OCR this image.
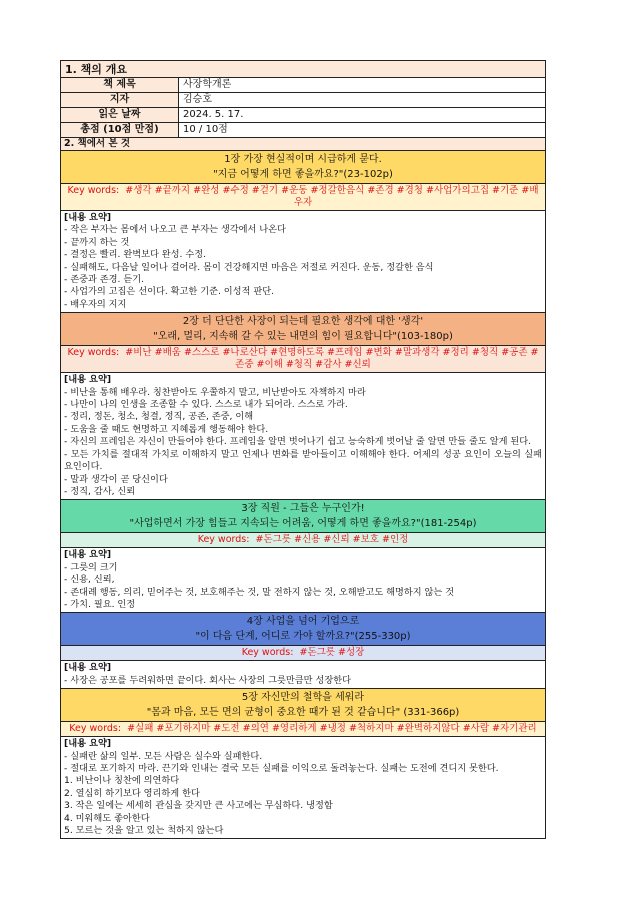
1. 책의 개요
책 제목	사장학개론
지자	김승호
읽은 날짜	2024. 5. 17.
총점 (10점 만점)	10 / 10점
2. 책에서 본 것
1장 가장 현실적이며 시급하게 묻다.
"지금 어떻게 하면 좋을까요?"(23-102p)
Key words: #생각 #끝까지 #완성 #수정 #걷기 #운동 #정갈한음식 #존경 #경청 #사업가의고집 #기준 #배우자
[내용 요약]
- 작은 부자는 몸에서 나오고 큰 부자는 생각에서 나온다
- 끝까지 하는 것
- 결정은 빨리. 완벽보다 완성. 수정.
- 실패해도, 다음날 일어나 걸어라. 몸이 건강해지면 마음은 저절로 커진다. 운동, 정갈한 음식
- 존중과 존경. 듣기.
- 사업가의 고집은 선이다. 확고한 기준. 이성적 판단.
- 배우자의 지지
2장 더 단단한 사장이 되는데 필요한 생각에 대한 '생각'
"오래, 멀리, 지속해 갈 수 있는 내면의 힘이 필요합니다"(103-180p)
Key words: #비난 #배움 #스스로 #나로산다 #현명하도록 #프레임 #변화 #말과생각 #정리 #청직 #공존 #존중 #이해 #청직 #감사 #신뢰
[내용 요약]
- 비난을 통해 배우라. 칭찬받아도 우쭐하지 말고, 비난받아도 자책하지 마라
- 나만이 나의 인생을 조종할 수 있다. 스스로 내가 되어라. 스스로 가라.
- 정리, 정돈, 청소, 청결, 정직, 공존, 존중, 이해
- 도움을 줄 때도 현명하고 지혜롭게 행동해야 한다.
- 자신의 프레임은 자신이 만들어야 한다. 프레임을 알면 벗어나기 쉽고 능숙하게 벗어날 줄 알면 만들 줄도 알게 된다.
- 모든 가치를 절대적 가치로 이해하지 말고 언제나 변화를 받아들이고 이해해야 한다. 어제의 성공 요인이 오늘의 실패 요인이다.
- 말과 생각이 곧 당신이다
- 정직, 감사, 신뢰
3장 직원 - 그들은 누구인가!
"사업하면서 가장 힘들고 지속되는 어려움, 어떻게 하면 좋을까요?"(181-254p)
Key words: #돈그릇 #신용 #신뢰 #보호 #인정
[내용 요약]
- 그릇의 크기
- 신용, 신뢰,
- 존대례 행동, 의리, 믿어주는 것, 보호해주는 것, 말 전하지 않는 것, 오해받고도 해명하지 않는 것
- 가치. 필요. 인정
4장 사업을 넘어 기업으로
"이 다음 단계, 어디로 가야 할까요?"(255-330p)
Key words: #돈그릇 #성장
[내용 요약]
- 사장은 공포를 두려워하면 끝이다. 회사는 사장의 그릇만큼만 성장한다
5장 자신만의 철학을 세워라
"몸과 마음, 모든 면의 균형이 중요한 때가 된 것 같습니다" (331-366p)
Key words: #실패 #포기하지마 #도전 #의연 #영리하게 #냉정 #척하지마 #완벽하지않다 #사람 #자기관리
[내용 요약]
- 실패란 삶의 일부. 모든 사람은 실수와 실패한다.
- 절대로 포기하지 마라. 끈기와 인내는 결국 모든 실패를 이익으로 돌려놓는다. 실패는 도전에 견디지 못한다.
1. 비난이나 칭찬에 의연하다
2. 열심히 하기보다 영리하게 한다
3. 작은 일에는 세세히 관심을 갖지만 큰 사고에는 무심하다. 냉정함
4. 미워해도 좋아한다
5. 모르는 것을 알고 있는 척하지 않는다
